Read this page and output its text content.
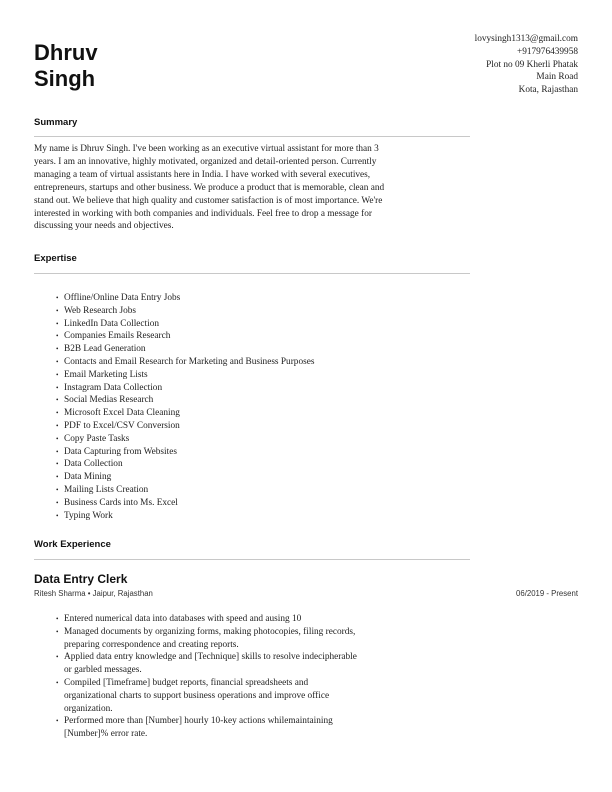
Dhruv
Singh
lovysingh1313@gmail.com
+917976439958
Plot no 09 Kherli Phatak
Main Road
Kota, Rajasthan
Summary
My name is Dhruv Singh. I've been working as an executive virtual assistant for more than 3
years. I am an innovative, highly motivated, organized and detail-oriented person. Currently
managing a team of virtual assistants here in India. I have worked with several executives,
entrepreneurs, startups and other business. We produce a product that is memorable, clean and
stand out. We believe that high quality and customer satisfaction is of most importance. We're
interested in working with both companies and individuals. Feel free to drop a message for
discussing your needs and objectives.
Expertise
• Offline/Online Data Entry Jobs
• Web Research Jobs
• LinkedIn Data Collection
• Companies Emails Research
• B2B Lead Generation
• Contacts and Email Research for Marketing and Business Purposes
• Email Marketing Lists
• Instagram Data Collection
• Social Medias Research
• Microsoft Excel Data Cleaning
• PDF to Excel/CSV Conversion
• Copy Paste Tasks
• Data Capturing from Websites
• Data Collection
• Data Mining
• Mailing Lists Creation
• Business Cards into Ms. Excel
• Typing Work
Work Experience
Data Entry Clerk
Ritesh Sharma • Jaipur, Rajasthan	06/2019 - Present
• Entered numerical data into databases with speed and ausing 10
• Managed documents by organizing forms, making photocopies, filing records,
preparing correspondence and creating reports.
• Applied data entry knowledge and [Technique] skills to resolve indecipherable
or garbled messages.
• Compiled [Timeframe] budget reports, financial spreadsheets and
organizational charts to support business operations and improve office
organization.
• Performed more than [Number] hourly 10-key actions whilemaintaining
[Number]% error rate.
